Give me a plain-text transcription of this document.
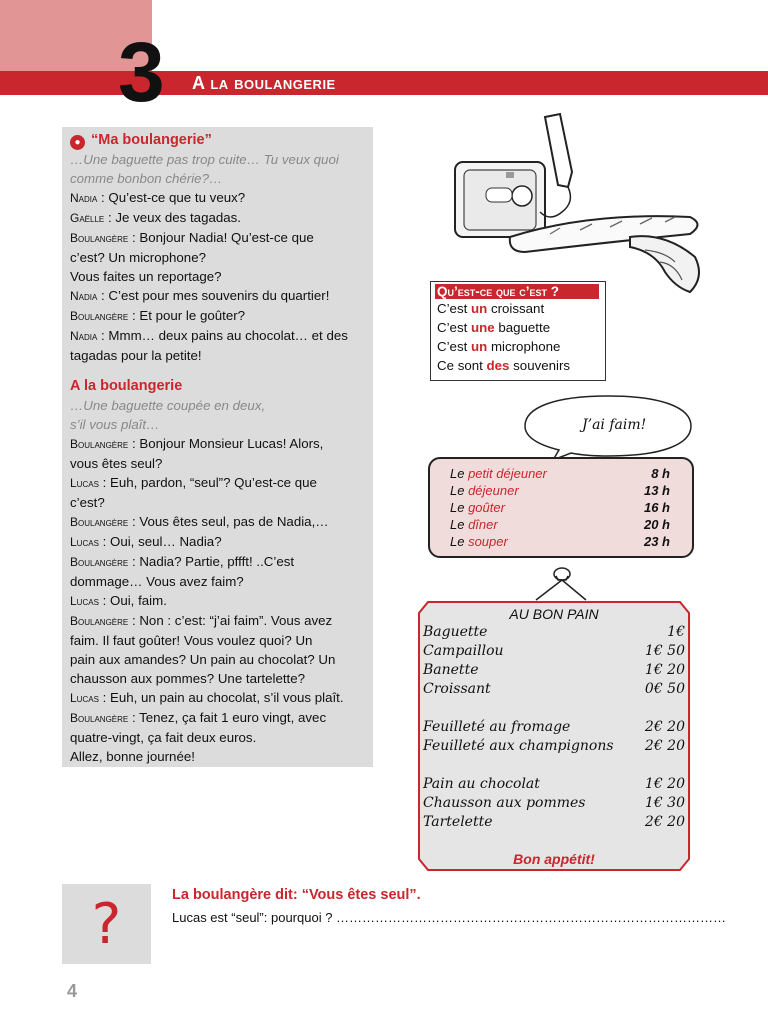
3 A la boulangerie
● “Ma boulangerie”
…Une baguette pas trop cuite… Tu veux quoi
comme bonbon chérie?…
Nadia : Qu’est-ce que tu veux?
Gaëlle : Je veux des tagadas.
Boulangère : Bonjour Nadia! Qu’est-ce que
c’est? Un microphone?
Vous faites un reportage?
Nadia : C’est pour mes souvenirs du quartier!
Boulangère : Et pour le goûter?
Nadia : Mmm… deux pains au chocolat… et des
tagadas pour la petite!
A la boulangerie
…Une baguette coupée en deux,
s’il vous plaît…
Boulangère : Bonjour Monsieur Lucas! Alors,
vous êtes seul?
Lucas : Euh, pardon, “seul”? Qu’est-ce que
c’est?
Boulangère : Vous êtes seul, pas de Nadia,…
Lucas : Oui, seul… Nadia?
Boulangère : Nadia? Partie, pffft! ..C’est
dommage… Vous avez faim?
Lucas : Oui, faim.
Boulangère : Non : c’est: “j’ai faim”. Vous avez
faim. Il faut goûter! Vous voulez quoi? Un
pain aux amandes? Un pain au chocolat? Un
chausson aux pommes? Une tartelette?
Lucas : Euh, un pain au chocolat, s’il vous plaît.
Boulangère : Tenez, ça fait 1 euro vingt, avec
quatre-vingt, ça fait deux euros.
Allez, bonne journée!
Qu’est-ce que c’est ?
C’est un croissant
C’est une baguette
C’est un microphone
Ce sont des souvenirs
J’ai faim!
Le petit déjeuner	8 h
Le déjeuner	13 h
Le goûter	16 h
Le dîner	20 h
Le souper	23 h
AU BON PAIN
Baguette	1€
Campaillou	1€ 50
Banette	1€ 20
Croissant	0€ 50
Feuilleté au fromage	2€ 20
Feuilleté aux champignons 2€ 20
Pain au chocolat	1€ 20
Chausson aux pommes	1€ 30
Tartelette	2€ 20
Bon appétit!
?	La boulangère dit: “Vous êtes seul”.
Lucas est “seul”: pourquoi ? ………………………………………………………………………………
4
